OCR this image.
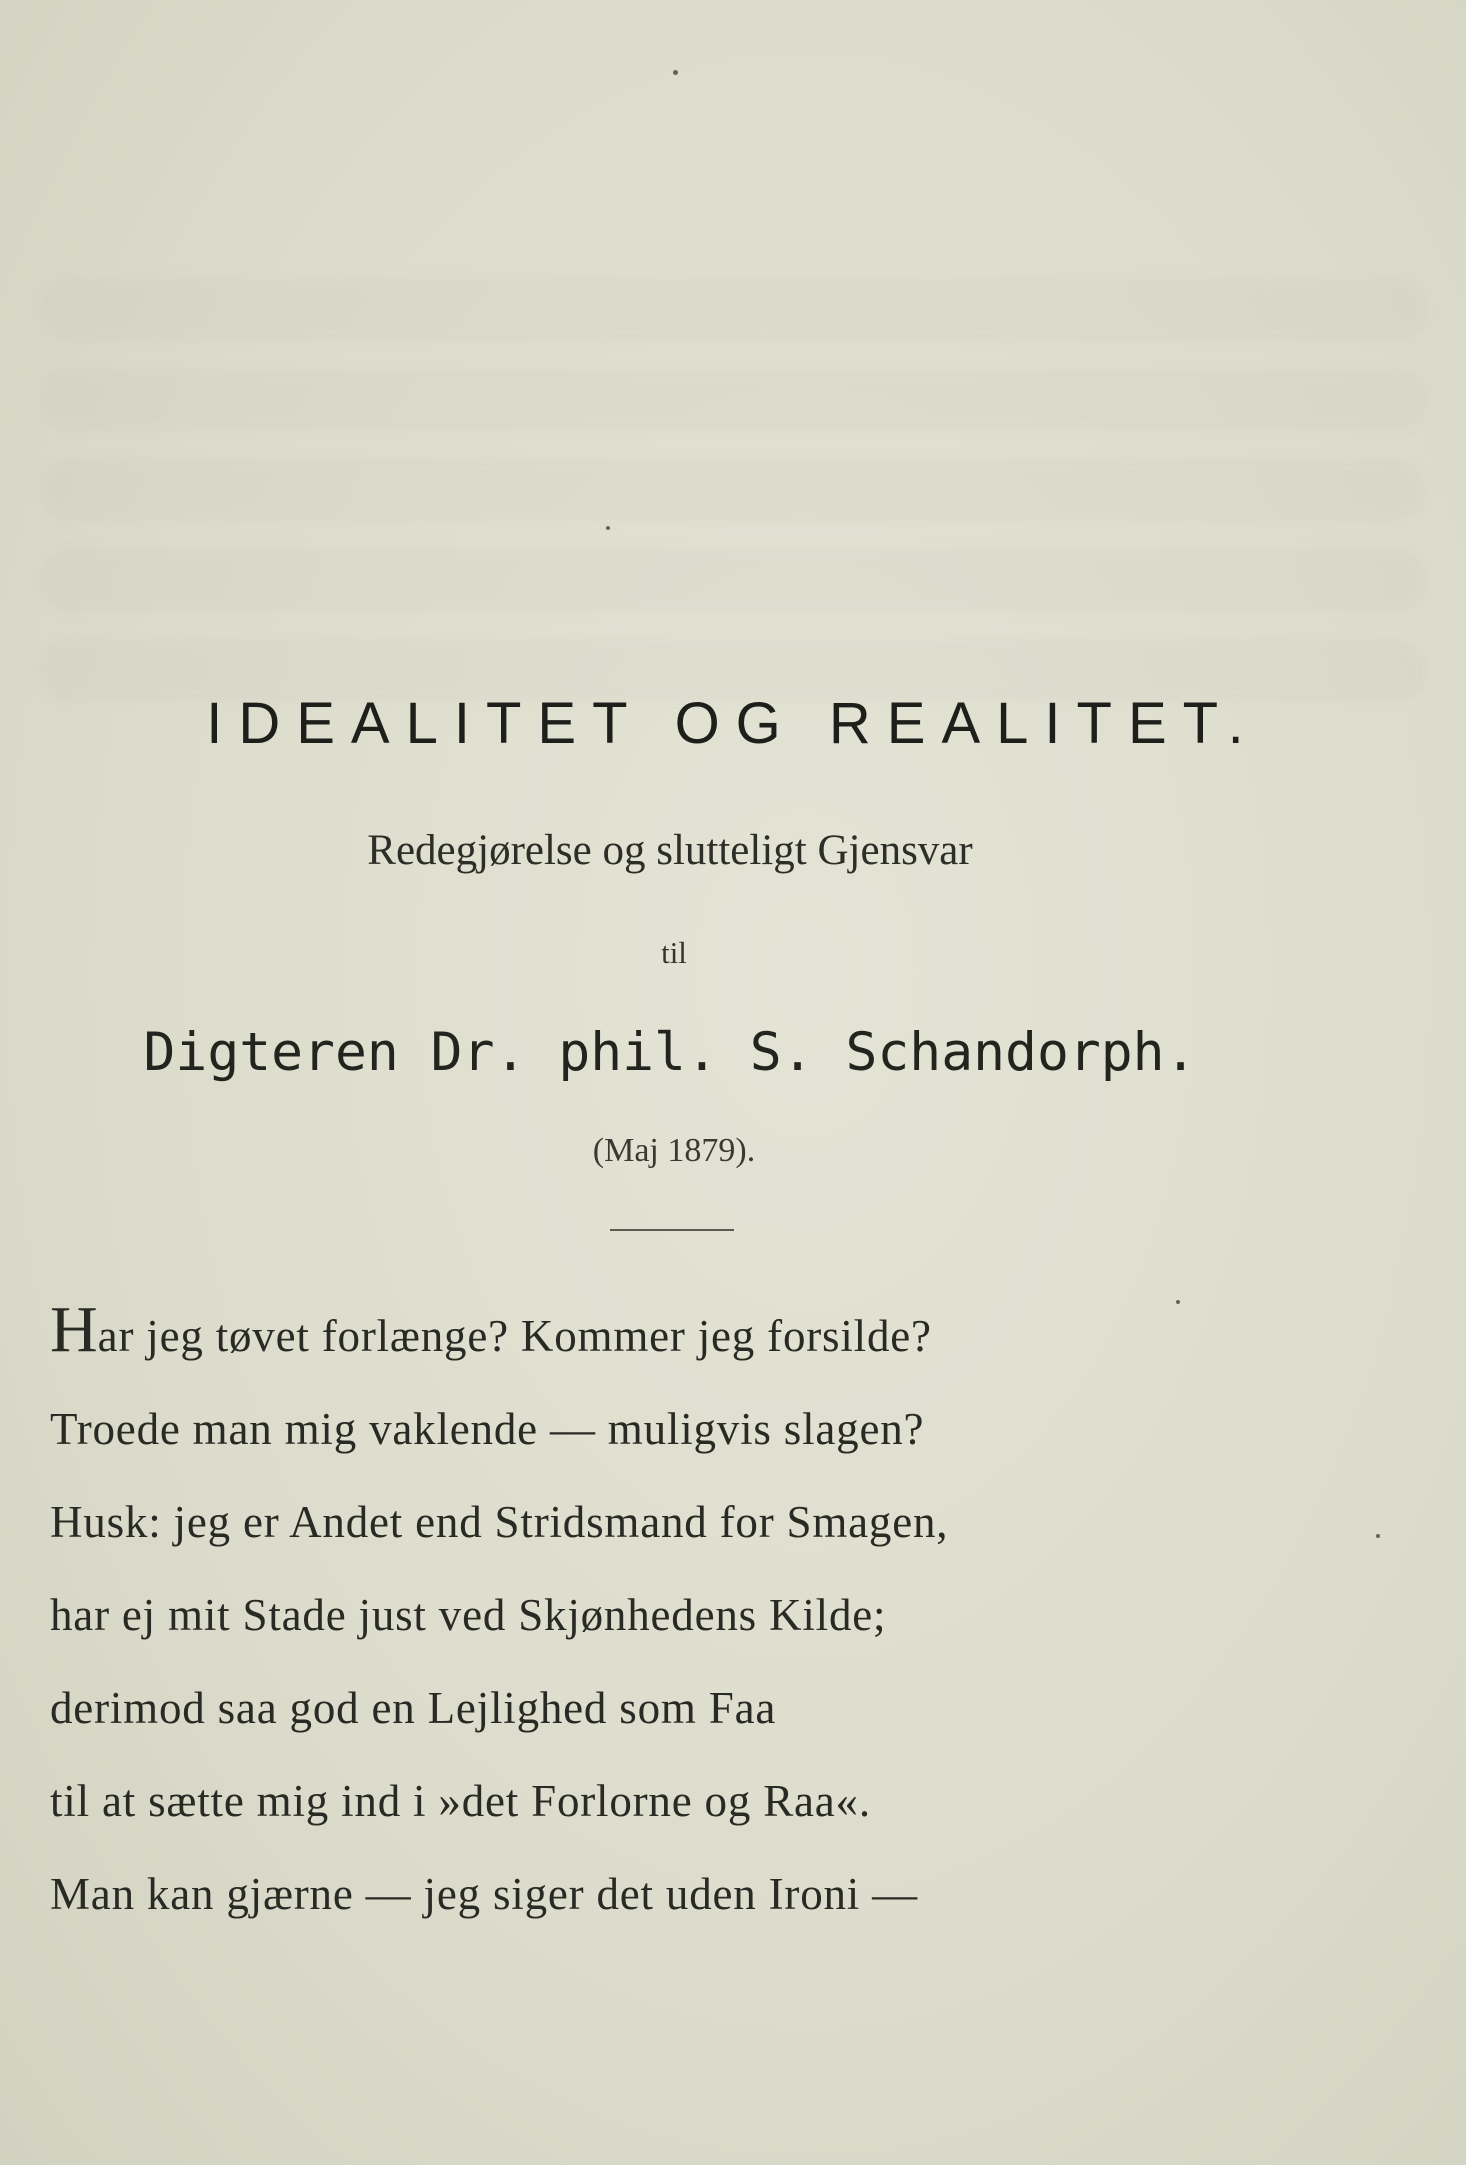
IDEALITET OG REALITET.
Redegjørelse og slutteligt Gjensvar
til
Digteren Dr. phil. S. Schandorph.
(Maj 1879).
Har jeg tøvet forlænge? Kommer jeg forsilde?
Troede man mig vaklende — muligvis slagen?
Husk: jeg er Andet end Stridsmand for Smagen,
har ej mit Stade just ved Skjønhedens Kilde;
derimod saa god en Lejlighed som Faa
til at sætte mig ind i »det Forlorne og Raa«.
Man kan gjærne — jeg siger det uden Ironi —
